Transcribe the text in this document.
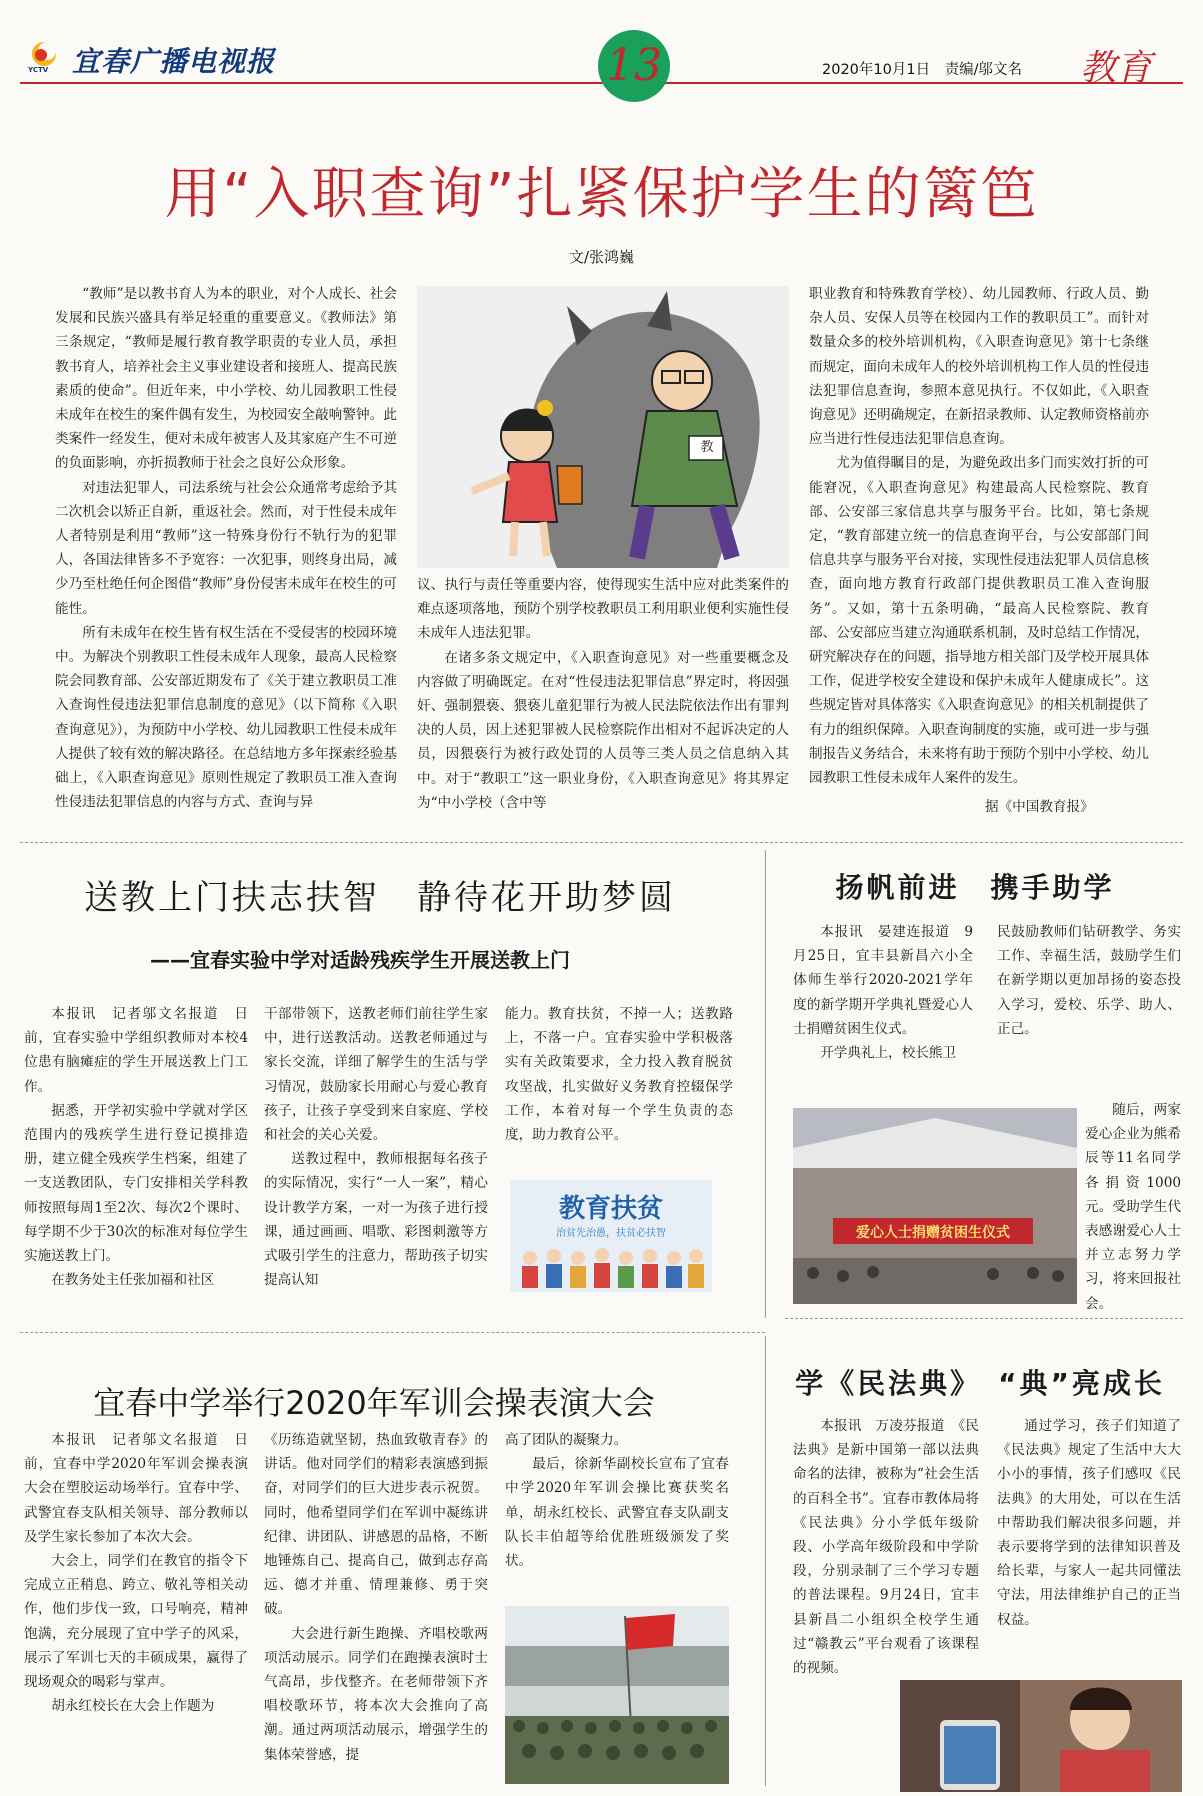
YCTV 宜春广播电视报	13	2020年10月1日　责编/邬文名 教育
用“入职查询”扎紧保护学生的篱笆
文/张鸿巍

“教师”是以教书育人为本的职业，对个人成长、社会发展和民族兴盛具有举足轻重的重要意义。《教师法》第三条规定，“教师是履行教育教学职责的专业人员，承担教书育人，培养社会主义事业建设者和接班人、提高民族素质的使命”。但近年来，中小学校、幼儿园教职工性侵未成年在校生的案件偶有发生，为校园安全敲响警钟。此类案件一经发生，便对未成年被害人及其家庭产生不可逆的负面影响，亦折损教师于社会之良好公众形象。

对违法犯罪人，司法系统与社会公众通常考虑给予其二次机会以矫正自新，重返社会。然而，对于性侵未成年人者特别是利用“教师”这一特殊身份行不轨行为的犯罪人，各国法律皆多不予宽容：一次犯事，则终身出局，减少乃至杜绝任何企图借“教师”身份侵害未成年在校生的可能性。

所有未成年在校生皆有权生活在不受侵害的校园环境中。为解决个别教职工性侵未成年人现象，最高人民检察院会同教育部、公安部近期发布了《关于建立教职员工准入查询性侵违法犯罪信息制度的意见》（以下简称《入职查询意见》），为预防中小学校、幼儿园教职工性侵未成年人提供了较有效的解决路径。在总结地方多年探索经验基础上，《入职查询意见》原则性规定了教职员工准入查询性侵违法犯罪信息的内容与方式、查询与异

教

议、执行与责任等重要内容，使得现实生活中应对此类案件的难点逐项落地，预防个别学校教职员工利用职业便利实施性侵未成年人违法犯罪。

在诸多条文规定中，《入职查询意见》对一些重要概念及内容做了明确既定。在对“性侵违法犯罪信息”界定时，将因强奸、强制猥亵、猥亵儿童犯罪行为被人民法院依法作出有罪判决的人员，因上述犯罪被人民检察院作出相对不起诉决定的人员，因猥亵行为被行政处罚的人员等三类人员之信息纳入其中。对于“教职工”这一职业身份，《入职查询意见》将其界定为“中小学校（含中等

职业教育和特殊教育学校）、幼儿园教师、行政人员、勤杂人员、安保人员等在校园内工作的教职员工”。而针对数量众多的校外培训机构，《入职查询意见》第十七条继而规定，面向未成年人的校外培训机构工作人员的性侵违法犯罪信息查询，参照本意见执行。不仅如此，《入职查询意见》还明确规定，在新招录教师、认定教师资格前亦应当进行性侵违法犯罪信息查询。

尤为值得瞩目的是，为避免政出多门而实效打折的可能窘况，《入职查询意见》构建最高人民检察院、教育部、公安部三家信息共享与服务平台。比如，第七条规定，“教育部建立统一的信息查询平台，与公安部部门间信息共享与服务平台对接，实现性侵违法犯罪人员信息核查，面向地方教育行政部门提供教职员工准入查询服务”。又如，第十五条明确，“最高人民检察院、教育部、公安部应当建立沟通联系机制，及时总结工作情况，研究解决存在的问题，指导地方相关部门及学校开展具体工作，促进学校安全建设和保护未成年人健康成长”。这些规定皆对具体落实《入职查询意见》的相关机制提供了有力的组织保障。入职查询制度的实施，或可进一步与强制报告义务结合，未来将有助于预防个别中小学校、幼儿园教职工性侵未成年人案件的发生。

据《中国教育报》
送教上门扶志扶智　静待花开助梦圆
——宜春实验中学对适龄残疾学生开展送教上门

本报讯　记者邬文名报道　日前，宜春实验中学组织教师对本校4位患有脑瘫症的学生开展送教上门工作。

据悉，开学初实验中学就对学区范围内的残疾学生进行登记摸排造册，建立健全残疾学生档案，组建了一支送教团队，专门安排相关学科教师按照每周1至2次、每次2个课时、每学期不少于30次的标准对每位学生实施送教上门。

在教务处主任张加福和社区

干部带领下，送教老师们前往学生家中，进行送教活动。送教老师通过与家长交流，详细了解学生的生活与学习情况，鼓励家长用耐心与爱心教育孩子，让孩子享受到来自家庭、学校和社会的关心关爱。

送教过程中，教师根据每名孩子的实际情况，实行“一人一案”，精心设计教学方案，一对一为孩子进行授课，通过画画、唱歌、彩图刺激等方式吸引学生的注意力，帮助孩子切实提高认知

能力。教育扶贫，不掉一人；送教路上，不落一户。宜春实验中学积极落实有关政策要求，全力投入教育脱贫攻坚战，扎实做好义务教育控辍保学工作，本着对每一个学生负责的态度，助力教育公平。

教育扶贫
治贫先治愚，扶贫必扶智
扬帆前进　携手助学

本报讯　晏建连报道　9月25日，宜丰县新昌六小全体师生举行2020-2021学年度的新学期开学典礼暨爱心人士捐赠贫困生仪式。

开学典礼上，校长熊卫

民鼓励教师们钻研教学、务实工作、幸福生活，鼓励学生们在新学期以更加昂扬的姿态投入学习，爱校、乐学、助人、正己。

随后，两家爱心企业为熊希辰等11名同学各捐资1000元。受助学生代表感谢爱心人士并立志努力学习，将来回报社会。

爱心人士捐赠贫困生仪式
宜春中学举行2020年军训会操表演大会

本报讯　记者邬文名报道　日前，宜春中学2020年军训会操表演大会在塑胶运动场举行。宜春中学、武警宜春支队相关领导、部分教师以及学生家长参加了本次大会。

大会上，同学们在教官的指令下完成立正稍息、跨立、敬礼等相关动作，他们步伐一致，口号响亮，精神饱满，充分展现了宜中学子的风采，展示了军训七天的丰硕成果，赢得了现场观众的喝彩与掌声。

胡永红校长在大会上作题为

《历练造就坚韧，热血致敬青春》的讲话。他对同学们的精彩表演感到振奋，对同学们的巨大进步表示祝贺。同时，他希望同学们在军训中凝练讲纪律、讲团队、讲感恩的品格，不断地锤炼自己、提高自己，做到志存高远、德才并重、情理兼修、勇于突破。

大会进行新生跑操、齐唱校歌两项活动展示。同学们在跑操表演时士气高昂，步伐整齐。在老师带领下齐唱校歌环节，将本次大会推向了高潮。通过两项活动展示，增强学生的集体荣誉感，提

高了团队的凝聚力。

最后，徐新华副校长宣布了宜春中学2020年军训会操比赛获奖名单，胡永红校长、武警宜春支队副支队长丰伯超等给优胜班级颁发了奖状。

学《民法典》　“典”亮成长

本报讯　万凌芬报道　《民法典》是新中国第一部以法典命名的法律，被称为“社会生活的百科全书”。宜春市教体局将《民法典》分小学低年级阶段、小学高年级阶段和中学阶段，分别录制了三个学习专题的普法课程。9月24日，宜丰县新昌二小组织全校学生通过“赣教云”平台观看了该课程的视频。

通过学习，孩子们知道了《民法典》规定了生活中大大小小的事情，孩子们感叹《民法典》的大用处，可以在生活中帮助我们解决很多问题，并表示要将学到的法律知识普及给长辈，与家人一起共同懂法守法，用法律维护自己的正当权益。
